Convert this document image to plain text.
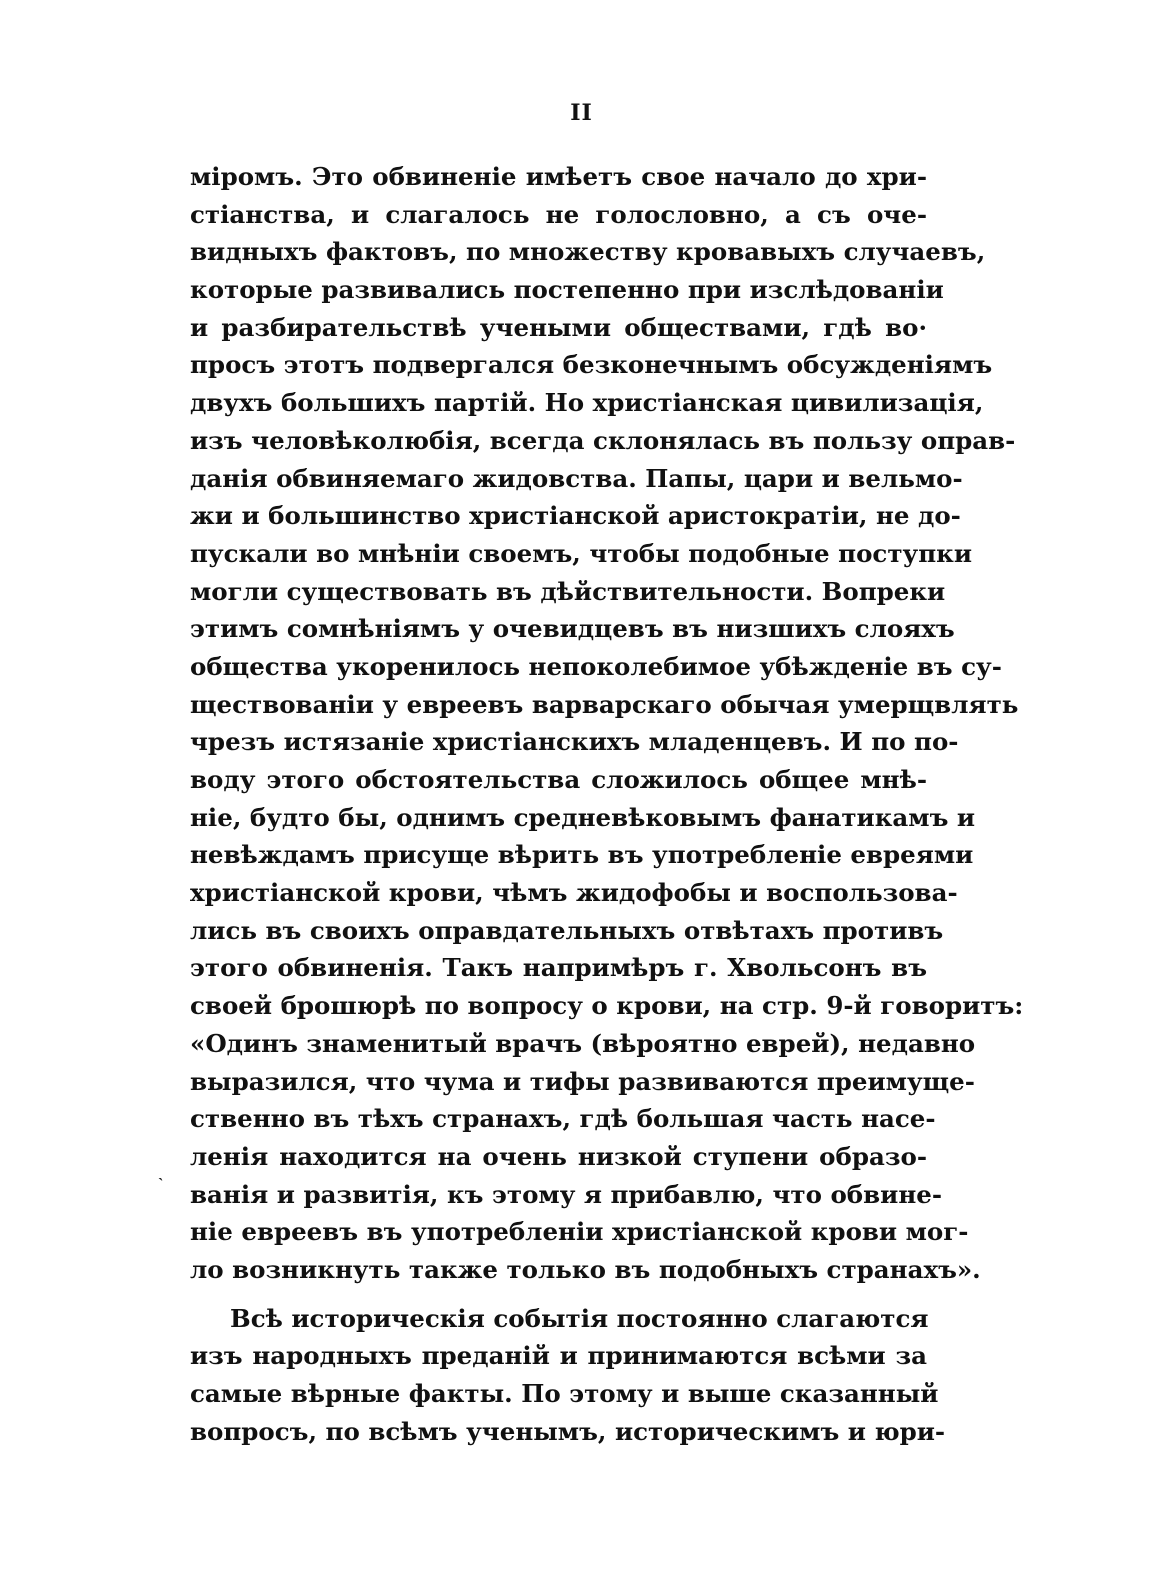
II
ˎ
міромъ. Это обвиненіе имѣетъ свое начало до хри-
стіанства, и слагалось не голословно, а съ оче-
видныхъ фактовъ, по множеству кровавыхъ случаевъ,
которые развивались постепенно при изслѣдованіи
и разбирательствѣ учеными обществами, гдѣ во·
просъ этотъ подвергался безконечнымъ обсужденіямъ
двухъ большихъ партій. Но христіанская цивилизація,
изъ человѣколюбія, всегда склонялась въ пользу оправ-
данія обвиняемаго жидовства. Папы, цари и вельмо-
жи и большинство христіанской аристократіи, не до-
пускали во мнѣніи своемъ, чтобы подобные поступки
могли существовать въ дѣйствительности. Вопреки
этимъ сомнѣніямъ у очевидцевъ въ низшихъ слояхъ
общества укоренилось непоколебимое убѣжденіе въ су-
ществованіи у евреевъ варварскаго обычая умерщвлять
чрезъ истязаніе христіанскихъ младенцевъ. И по по-
воду этого обстоятельства сложилось общее мнѣ-
ніе, будто бы, однимъ средневѣковымъ фанатикамъ и
невѣждамъ присуще вѣрить въ употребленіе евреями
христіанской крови, чѣмъ жидофобы и воспользова-
лись въ своихъ оправдательныхъ отвѣтахъ противъ
этого обвиненія. Такъ напримѣръ г. Хвольсонъ въ
своей брошюрѣ по вопросу о крови, на стр. 9-й говоритъ:
«Одинъ знаменитый врачъ (вѣроятно еврей), недавно
выразился, что чума и тифы развиваются преимуще-
ственно въ тѣхъ странахъ, гдѣ большая часть насе-
ленія находится на очень низкой ступени образо-
ванія и развитія, къ этому я прибавлю, что обвине-
ніе евреевъ въ употребленіи христіанской крови мог-
ло возникнуть также только въ подобныхъ странахъ».
Всѣ историческія событія постоянно слагаются
изъ народныхъ преданій и принимаются всѣми за
самые вѣрные факты. По этому и выше сказанный
вопросъ, по всѣмъ ученымъ, историческимъ и юри-
